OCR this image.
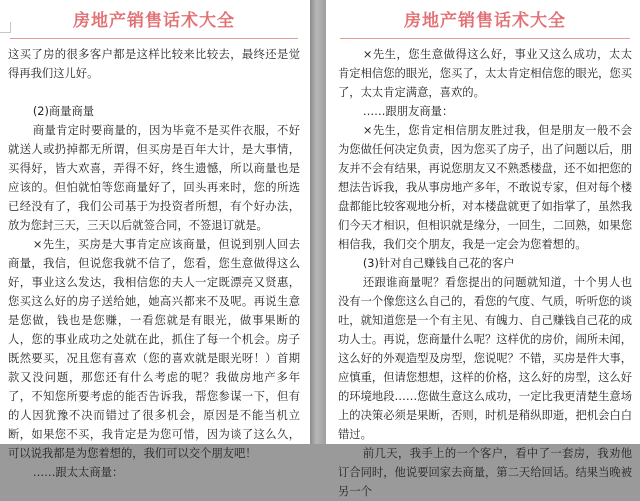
房地产销售话术大全

这买了房的很多客户都是这样比较来比较去，最终还是觉得再我们这儿好。

(2)商量商量

商量肯定时要商量的，因为毕竟不是买件衣服，不好就送人或扔掉都无所谓，但买房是百年大计，是大事情，买得好，皆大欢喜，弄得不好，终生遗憾，所以商量也是应该的。但怕就怕等您商量好了，回头再来时，您的所选已经没有了，我们公司基于为投资者所想，有个好办法，放为您封三天，三天以后就签合同，不签退订就是。

×先生，买房是大事肯定应该商量，但说到别人回去商量，我信，但说您我就不信了，您看，您生意做得这么好，事业这么发达，我相信您的夫人一定既漂亮又贤惠，您买这么好的房子送给她，她高兴都来不及呢。再说生意是您做，钱也是您赚，一看您就是有眼光，做事果断的人，您的事业成功之处就在此，抓住了每一个机会。房子既然要买，况且您有喜欢（您的喜欢就是眼光呀！）首期款又没问题，那您还有什么考虑的呢？我做房地产多年了，不知您所要考虑的能否告诉我，帮您参谋一下，但有的人因犹豫不决而错过了很多机会，原因是不能当机立断，如果您不买，我肯定是为您可惜，因为谈了这么久，可以说我都是为您着想的，我们可以交个朋友吧！

……跟太太商量：

房地产销售话术大全

×先生，您生意做得这么好，事业又这么成功，太太肯定相信您的眼光，您买了，太太肯定相信您的眼光，您买了，太太肯定满意，喜欢的。

……跟朋友商量：

×先生，您肯定相信朋友胜过我，但是朋友一般不会为您做任何决定负责，因为您买了房子，出了问题以后，朋友并不会有结果，再说您朋友又不熟悉楼盘，还不如把您的想法告诉我，我从事房地产多年，不敢说专家，但对每个楼盘都能比较客观地分析，对本楼盘就更了如指掌了，虽然我们今天才相识，但相识就是缘分，一回生，二回熟，如果您相信我，我们交个朋友，我是一定会为您着想的。

(3)针对自己赚钱自己花的客户

还跟谁商量呢？看您提出的问题就知道，十个男人也没有一个像您这么自己的，看您的气度、气质，听听您的谈吐，就知道您是一个有主见、有魄力、自己赚钱自己花的成功人士。再说，您商量什么呢？这样优的房价，闹所未闻，这么好的外观造型及房型，您说呢？不错，买房是件大事，应慎重，但请您想想，这样的价格，这么好的房型，这么好的环境地段……您做生意这么成功，一定比我更清楚生意场上的决策必须是果断，否则，时机是稍纵即逝，把机会白白错过。

前几天，我手上的一个客户，看中了一套房，我劝他订合同时，他说要回家去商量，第二天给回话。结果当晚被另一个
